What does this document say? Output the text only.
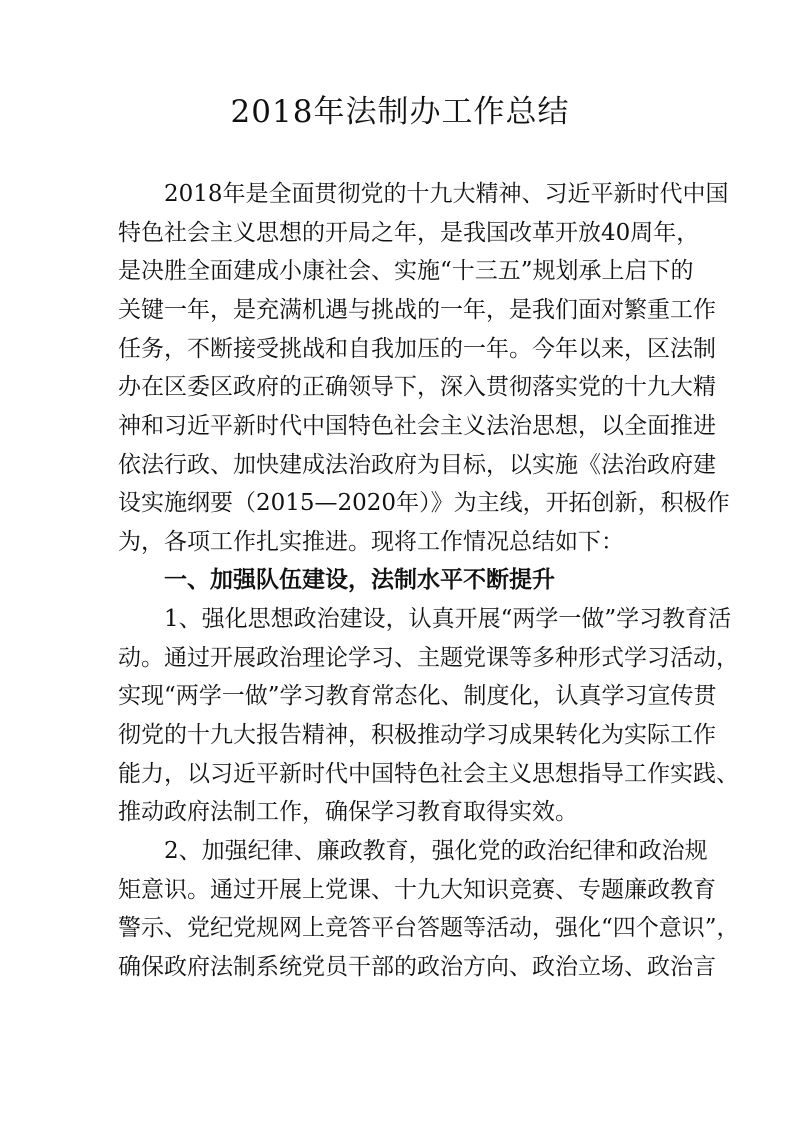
2018年法制办工作总结
2018年是全面贯彻党的十九大精神、习近平新时代中国
特色社会主义思想的开局之年，是我国改革开放40周年，
是决胜全面建成小康社会、实施“十三五”规划承上启下的
关键一年，是充满机遇与挑战的一年，是我们面对繁重工作
任务，不断接受挑战和自我加压的一年。今年以来，区法制
办在区委区政府的正确领导下，深入贯彻落实党的十九大精
神和习近平新时代中国特色社会主义法治思想，以全面推进
依法行政、加快建成法治政府为目标，以实施《法治政府建
设实施纲要（2015—2020年）》为主线，开拓创新，积极作
为，各项工作扎实推进。现将工作情况总结如下：
一、加强队伍建设，法制水平不断提升
1、强化思想政治建设，认真开展“两学一做”学习教育活
动。通过开展政治理论学习、主题党课等多种形式学习活动，
实现“两学一做”学习教育常态化、制度化，认真学习宣传贯
彻党的十九大报告精神，积极推动学习成果转化为实际工作
能力，以习近平新时代中国特色社会主义思想指导工作实践、
推动政府法制工作，确保学习教育取得实效。
2、加强纪律、廉政教育，强化党的政治纪律和政治规
矩意识。通过开展上党课、十九大知识竞赛、专题廉政教育
警示、党纪党规网上竞答平台答题等活动，强化“四个意识”，
确保政府法制系统党员干部的政治方向、政治立场、政治言
